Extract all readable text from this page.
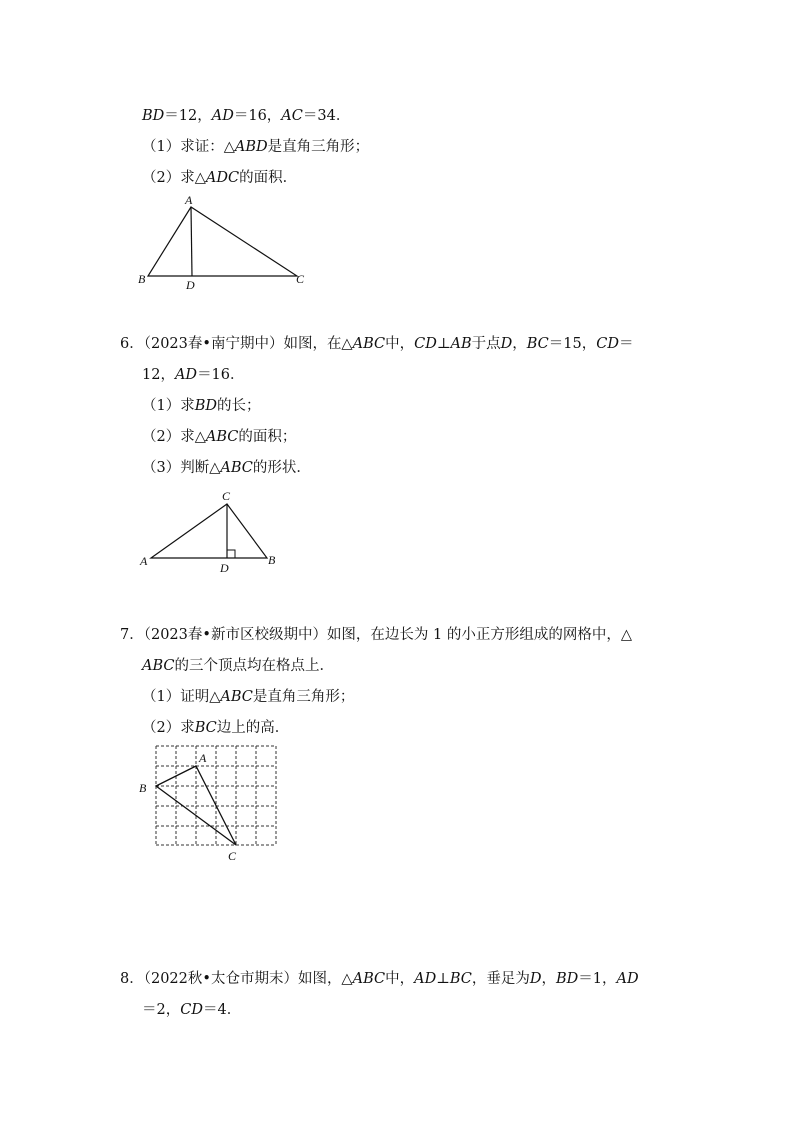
BD＝12，AD＝16，AC＝34．
（1）求证：△ABD是直角三角形；
（2）求△ADC的面积．
A
B	D	C
6．（2023春•南宁期中）如图，在△ABC中，CD⊥AB于点D，BC＝15，CD＝
12，AD＝16．
（1）求BD的长；
（2）求△ABC的面积；
（3）判断△ABC的形状．
C
A	D
B
7．（2023春•新市区校级期中）如图，在边长为 1 的小正方形组成的网格中，△
ABC的三个顶点均在格点上．
（1）证明△ABC是直角三角形；
（2）求BC边上的高．
A
B
C
8．（2022秋•太仓市期末）如图，△ABC中，AD⊥BC，垂足为D，BD＝1，AD
＝2，CD＝4．
